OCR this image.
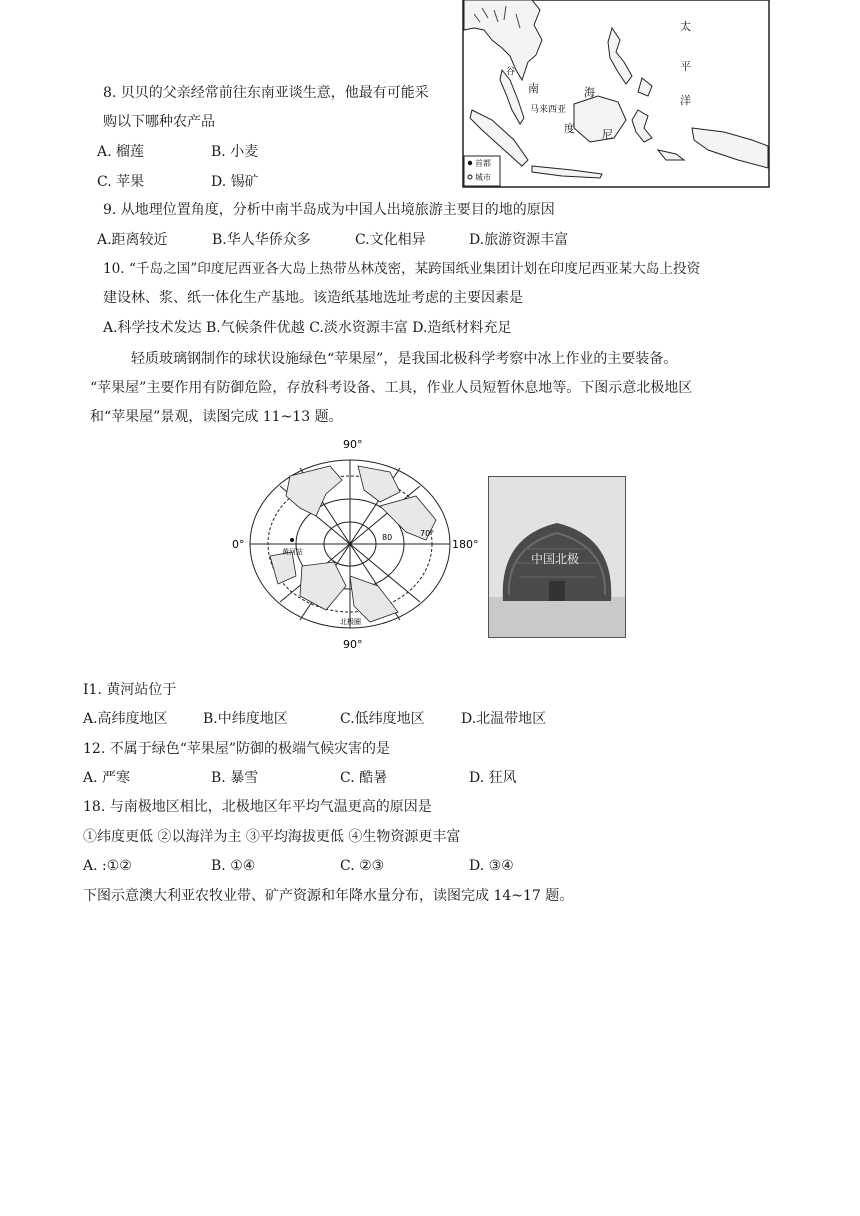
太
平
洋
南	海
马来西亚
度 尼
谷
首都
城市
8. 贝贝的父亲经常前往东南亚谈生意，他最有可能采
购以下哪种农产品
A. 榴莲	B. 小麦
C. 苹果	D. 锡矿
9. 从地理位置角度，分析中南半岛成为中国人出境旅游主要目的地的原因
A.距离较近	B.华人华侨众多	C.文化相异	D.旅游资源丰富
10. “千岛之国”印度尼西亚各大岛上热带丛林茂密，某跨国纸业集团计划在印度尼西亚某大岛上投资
建设林、浆、纸一体化生产基地。该造纸基地选址考虑的主要因素是
A.科学技术发达 B.气候条件优越 C.淡水资源丰富 D.造纸材料充足
轻质玻璃钢制作的球状设施绿色“苹果屋”，是我国北极科学考察中冰上作业的主要装备。
“苹果屋”主要作用有防御危险，存放科考设备、工具，作业人员短暂休息地等。下图示意北极地区
和“苹果屋”景观，读图完成 11~13 题。
90°
90°
0°	180°
80	70°
黄河站
北极圈
中国北极
I1. 黄河站位于
A.高纬度地区	B.中纬度地区	C.低纬度地区	D.北温带地区
12. 不属于绿色“苹果屋”防御的极端气候灾害的是
A. 严寒	B. 暴雪	C. 酷暑	D. 狂风
18. 与南极地区相比，北极地区年平均气温更高的原因是
①纬度更低 ②以海洋为主 ③平均海拔更低 ④生物资源更丰富
A. :①②	B. ①④	C. ②③	D. ③④
下图示意澳大利亚农牧业带、矿产资源和年降水量分布，读图完成 14~17 题。
